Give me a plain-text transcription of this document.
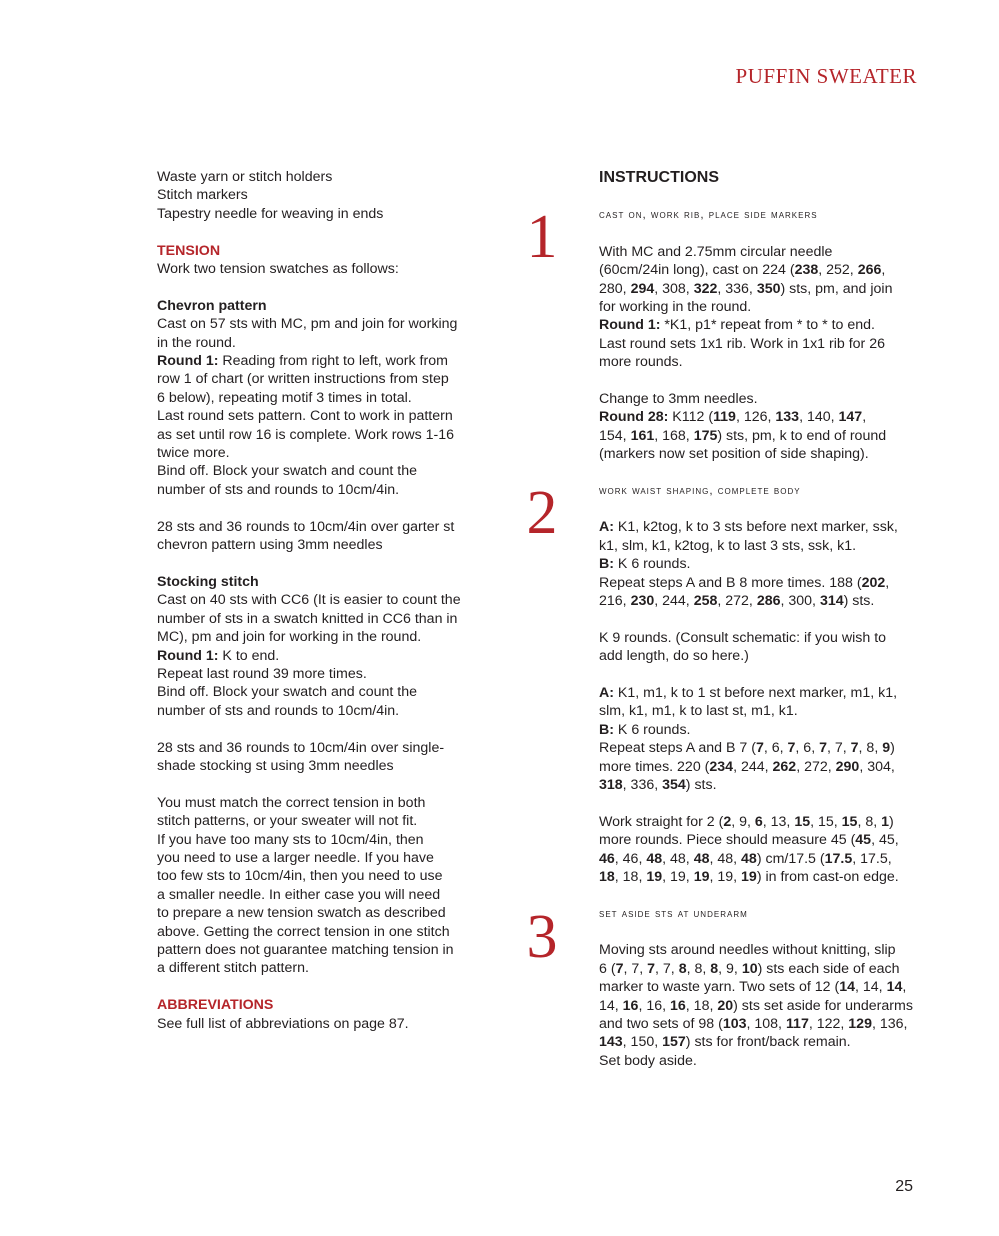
PUFFIN SWEATER

Waste yarn or stitch holders

Stitch markers

Tapestry needle for weaving in ends

TENSION

Work two tension swatches as follows:

Chevron pattern

Cast on 57 sts with MC, pm and join for working

in the round.

Round 1: Reading from right to left, work from

row 1 of chart (or written instructions from step

6 below), repeating motif 3 times in total.

Last round sets pattern. Cont to work in pattern

as set until row 16 is complete. Work rows 1-16

twice more.

Bind off. Block your swatch and count the

number of sts and rounds to 10cm/4in.

28 sts and 36 rounds to 10cm/4in over garter st

chevron pattern using 3mm needles

Stocking stitch

Cast on 40 sts with CC6 (It is easier to count the

number of sts in a swatch knitted in CC6 than in

MC), pm and join for working in the round.

Round 1: K to end.

Repeat last round 39 more times.

Bind off. Block your swatch and count the

number of sts and rounds to 10cm/4in.

28 sts and 36 rounds to 10cm/4in over single-

shade stocking st using 3mm needles

You must match the correct tension in both

stitch patterns, or your sweater will not fit.

If you have too many sts to 10cm/4in, then

you need to use a larger needle. If you have

too few sts to 10cm/4in, then you need to use

a smaller needle. In either case you will need

to prepare a new tension swatch as described

above. Getting the correct tension in one stitch

pattern does not guarantee matching tension in

a different stitch pattern.

ABBREVIATIONS

See full list of abbreviations on page 87.

1
2
3

INSTRUCTIONS

cast on, work rib, place side markers

With MC and 2.75mm circular needle

(60cm/24in long), cast on 224 (238, 252, 266,

280, 294, 308, 322, 336, 350) sts, pm, and join

for working in the round.

Round 1: *K1, p1* repeat from * to * to end.

Last round sets 1x1 rib. Work in 1x1 rib for 26

more rounds.

Change to 3mm needles.

Round 28: K112 (119, 126, 133, 140, 147,

154, 161, 168, 175) sts, pm, k to end of round

(markers now set position of side shaping).

work waist shaping, complete body

A: K1, k2tog, k to 3 sts before next marker, ssk,

k1, slm, k1, k2tog, k to last 3 sts, ssk, k1.

B: K 6 rounds.

Repeat steps A and B 8 more times. 188 (202,

216, 230, 244, 258, 272, 286, 300, 314) sts.

K 9 rounds. (Consult schematic: if you wish to

add length, do so here.)

A: K1, m1, k to 1 st before next marker, m1, k1,

slm, k1, m1, k to last st, m1, k1.

B: K 6 rounds.

Repeat steps A and B 7 (7, 6, 7, 6, 7, 7, 7, 8, 9)

more times. 220 (234, 244, 262, 272, 290, 304,

318, 336, 354) sts.

Work straight for 2 (2, 9, 6, 13, 15, 15, 15, 8, 1)

more rounds. Piece should measure 45 (45, 45,

46, 46, 48, 48, 48, 48, 48) cm/17.5 (17.5, 17.5,

18, 18, 19, 19, 19, 19, 19) in from cast-on edge.

set aside sts at underarm

Moving sts around needles without knitting, slip

6 (7, 7, 7, 7, 8, 8, 8, 9, 10) sts each side of each

marker to waste yarn. Two sets of 12 (14, 14, 14,

14, 16, 16, 16, 18, 20) sts set aside for underarms

and two sets of 98 (103, 108, 117, 122, 129, 136,

143, 150, 157) sts for front/back remain.

Set body aside.

25
